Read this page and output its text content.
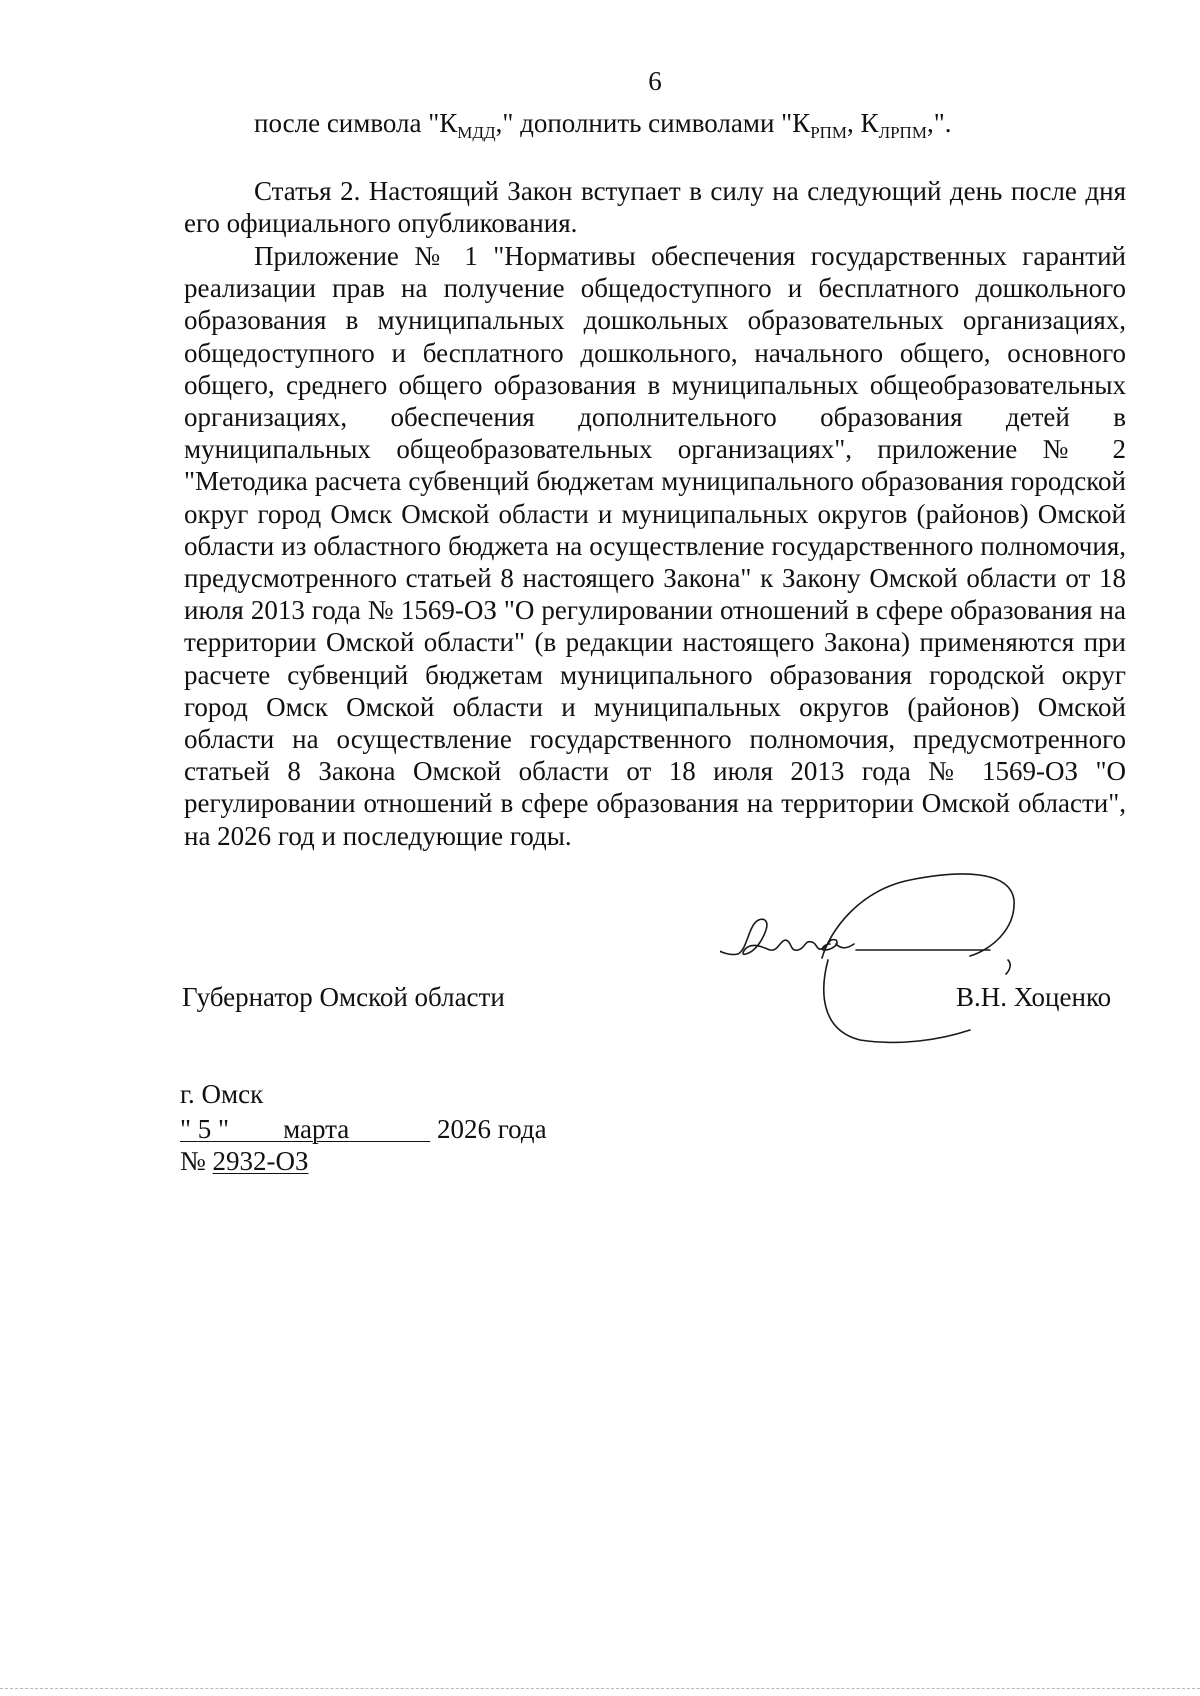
6
после символа "$К_{МДД}$," дополнить символами "$К_{РПМ}$, $К_{ЛРПМ}$,".

Статья 2. Настоящий Закон вступает в силу на следующий день после дня его официального опубликования.

Приложение № 1 "Нормативы обеспечения государственных гарантий реализации прав на получение общедоступного и бесплатного дошкольного образования в муниципальных дошкольных образовательных организациях, общедоступного и бесплатного дошкольного, начального общего, основного общего, среднего общего образования в муниципальных общеобразовательных организациях, обеспечения дополнительного образования детей в муниципальных общеобразовательных организациях", приложение № 2 "Методика расчета субвенций бюджетам муниципального образования городской округ город Омск Омской области и муниципальных округов (районов) Омской области из областного бюджета на осуществление государственного полномочия, предусмотренного статьей 8 настоящего Закона" к Закону Омской области от 18 июля 2013 года № 1569-ОЗ "О регулировании отношений в сфере образования на территории Омской области" (в редакции настоящего Закона) применяются при расчете субвенций бюджетам муниципального образования городской округ город Омск Омской области и муниципальных округов (районов) Омской области на осуществление государственного полномочия, предусмотренного статьей 8 Закона Омской области от 18 июля 2013 года № 1569-ОЗ "О регулировании отношений в сфере образования на территории Омской области", на 2026 год и последующие годы.

Губернатор Омской области	В.Н. Хоценко
г. Омск
" 5 " марта	2026 года
№ 2932-ОЗ
